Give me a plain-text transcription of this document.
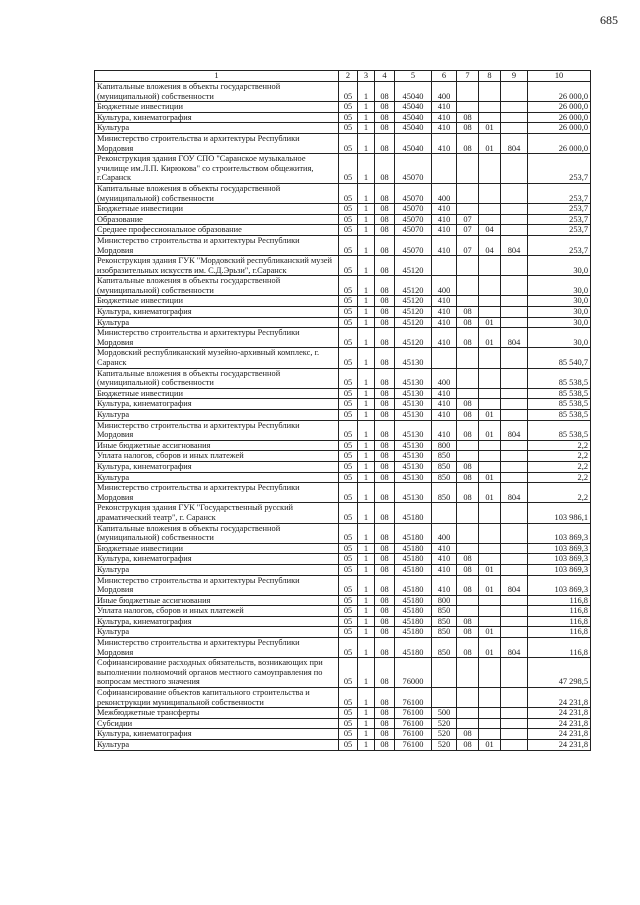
685
1	2	3	4	5	6	7	8	9	10
Капитальные вложения в объекты государственной (муниципальной) собственности	05	1	08	45040	400				26 000,0
Бюджетные инвестиции	05	1	08	45040	410				26 000,0
Культура, кинематография	05	1	08	45040	410	08			26 000,0
Культура	05	1	08	45040	410	08	01		26 000,0
Министерство строительства и архитектуры Республики Мордовия	05	1	08	45040	410	08	01	804	26 000,0
Реконструкция здания ГОУ СПО "Саранское музыкальное училище им.Л.П. Кирюкова" со строительством общежития, г.Саранск	05	1	08	45070					253,7
Капитальные вложения в объекты государственной (муниципальной) собственности	05	1	08	45070	400				253,7
Бюджетные инвестиции	05	1	08	45070	410				253,7
Образование	05	1	08	45070	410	07			253,7
Среднее профессиональное образование	05	1	08	45070	410	07	04		253,7
Министерство строительства и архитектуры Республики Мордовия	05	1	08	45070	410	07	04	804	253,7
Реконструкция здания ГУК "Мордовский республиканский музей изобразительных искусств им. С.Д.Эрьзи", г.Саранск	05	1	08	45120					30,0
Капитальные вложения в объекты государственной (муниципальной) собственности	05	1	08	45120	400				30,0
Бюджетные инвестиции	05	1	08	45120	410				30,0
Культура, кинематография	05	1	08	45120	410	08			30,0
Культура	05	1	08	45120	410	08	01		30,0
Министерство строительства и архитектуры Республики Мордовия	05	1	08	45120	410	08	01	804	30,0
Мордовский республиканский музейно-архивный комплекс, г. Саранск	05	1	08	45130					85 540,7
Капитальные вложения в объекты государственной (муниципальной) собственности	05	1	08	45130	400				85 538,5
Бюджетные инвестиции	05	1	08	45130	410				85 538,5
Культура, кинематография	05	1	08	45130	410	08			85 538,5
Культура	05	1	08	45130	410	08	01		85 538,5
Министерство строительства и архитектуры Республики Мордовия	05	1	08	45130	410	08	01	804	85 538,5
Иные бюджетные ассигнования	05	1	08	45130	800				2,2
Уплата налогов, сборов и иных платежей	05	1	08	45130	850				2,2
Культура, кинематография	05	1	08	45130	850	08			2,2
Культура	05	1	08	45130	850	08	01		2,2
Министерство строительства и архитектуры Республики Мордовия	05	1	08	45130	850	08	01	804	2,2
Реконструкция здания ГУК "Государственный русский драматический театр", г. Саранск	05	1	08	45180					103 986,1
Капитальные вложения в объекты государственной (муниципальной) собственности	05	1	08	45180	400				103 869,3
Бюджетные инвестиции	05	1	08	45180	410				103 869,3
Культура, кинематография	05	1	08	45180	410	08			103 869,3
Культура	05	1	08	45180	410	08	01		103 869,3
Министерство строительства и архитектуры Республики Мордовия	05	1	08	45180	410	08	01	804	103 869,3
Иные бюджетные ассигнования	05	1	08	45180	800				116,8
Уплата налогов, сборов и иных платежей	05	1	08	45180	850				116,8
Культура, кинематография	05	1	08	45180	850	08			116,8
Культура	05	1	08	45180	850	08	01		116,8
Министерство строительства и архитектуры Республики Мордовия	05	1	08	45180	850	08	01	804	116,8
Софинансирование расходных обязательств, возникающих при выполнении полномочий органов местного самоуправления по вопросам местного значения	05	1	08	76000					47 298,5
Софинансирование объектов капитального строительства и реконструкции муниципальной собственности	05	1	08	76100					24 231,8
Межбюджетные трансферты	05	1	08	76100	500				24 231,8
Субсидии	05	1	08	76100	520				24 231,8
Культура, кинематография	05	1	08	76100	520	08			24 231,8
Культура	05	1	08	76100	520	08	01		24 231,8
